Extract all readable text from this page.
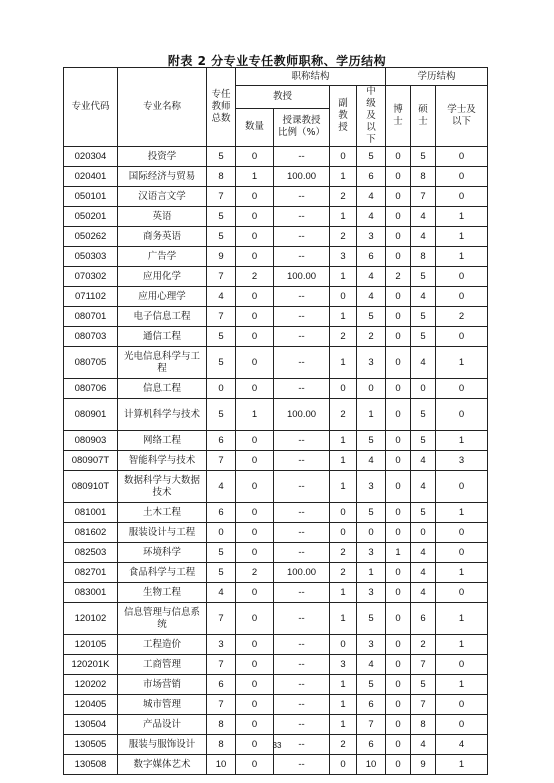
附表 2 分专业专任教师职称、学历结构
专业代码	专业名称	专任教师总数	职称结构				学历结构		
			教授		副教授	中级及以下	博士	硕士	学士及以下
			数量	授课教授比例（%）					
020304	投资学	5	0	--	0	5	0	5	0
020401	国际经济与贸易	8	1	100.00	1	6	0	8	0
050101	汉语言文学	7	0	--	2	4	0	7	0
050201	英语	5	0	--	1	4	0	4	1
050262	商务英语	5	0	--	2	3	0	4	1
050303	广告学	9	0	--	3	6	0	8	1
070302	应用化学	7	2	100.00	1	4	2	5	0
071102	应用心理学	4	0	--	0	4	0	4	0
080701	电子信息工程	7	0	--	1	5	0	5	2
080703	通信工程	5	0	--	2	2	0	5	0
080705	光电信息科学与工程	5	0	--	1	3	0	4	1
080706	信息工程	0	0	--	0	0	0	0	0
080901	计算机科学与技术	5	1	100.00	2	1	0	5	0
080903	网络工程	6	0	--	1	5	0	5	1
080907T	智能科学与技术	7	0	--	1	4	0	4	3
080910T	数据科学与大数据技术	4	0	--	1	3	0	4	0
081001	土木工程	6	0	--	0	5	0	5	1
081602	服装设计与工程	0	0	--	0	0	0	0	0
082503	环境科学	5	0	--	2	3	1	4	0
082701	食品科学与工程	5	2	100.00	2	1	0	4	1
083001	生物工程	4	0	--	1	3	0	4	0
120102	信息管理与信息系统	7	0	--	1	5	0	6	1
120105	工程造价	3	0	--	0	3	0	2	1
120201K	工商管理	7	0	--	3	4	0	7	0
120202	市场营销	6	0	--	1	5	0	5	1
120405	城市管理	7	0	--	1	6	0	7	0
130504	产品设计	8	0	--	1	7	0	8	0
130505	服装与服饰设计	8	0	--	2	6	0	4	4
130508	数字媒体艺术	10	0	--	0	10	0	9	1
33
